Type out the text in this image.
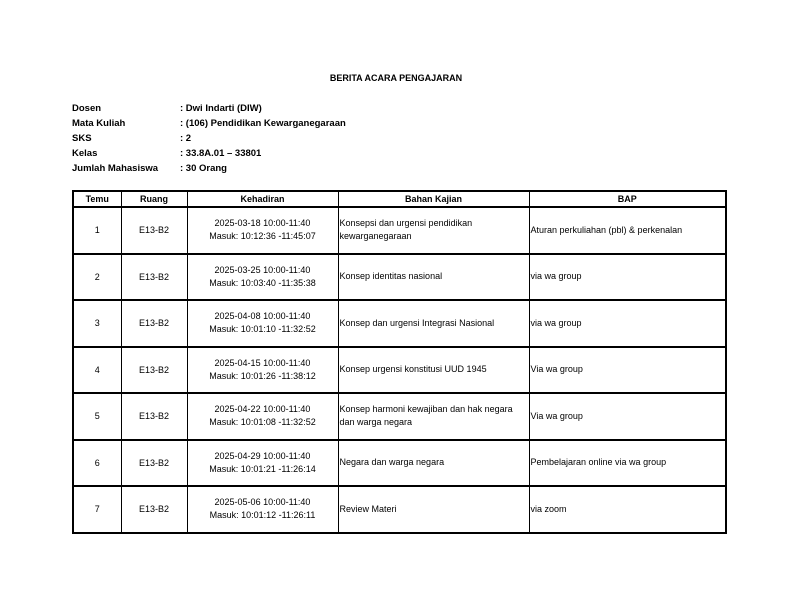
BERITA ACARA PENGAJARAN
Dosen	: Dwi Indarti (DIW)
Mata Kuliah	: (106) Pendidikan Kewarganegaraan
SKS	: 2
Kelas	: 33.8A.01 – 33801
Jumlah Mahasiswa : 30 Orang
Temu	Ruang	Kehadiran	Bahan Kajian	BAP
1	E13-B2	2025-03-18 10:00-11:40
Masuk: 10:12:36 -11:45:07	Konsepsi dan urgensi pendidikan kewarganegaraan	Aturan perkuliahan (pbl) & perkenalan
2	E13-B2	2025-03-25 10:00-11:40
Masuk: 10:03:40 -11:35:38	Konsep identitas nasional	via wa group
3	E13-B2	2025-04-08 10:00-11:40
Masuk: 10:01:10 -11:32:52	Konsep dan urgensi Integrasi Nasional	via wa group
4	E13-B2	2025-04-15 10:00-11:40
Masuk: 10:01:26 -11:38:12	Konsep urgensi konstitusi UUD 1945	Via wa group
5	E13-B2	2025-04-22 10:00-11:40
Masuk: 10:01:08 -11:32:52	Konsep harmoni kewajiban dan hak negara dan warga negara	Via wa group
6	E13-B2	2025-04-29 10:00-11:40
Masuk: 10:01:21 -11:26:14	Negara dan warga negara	Pembelajaran online via wa group
7	E13-B2	2025-05-06 10:00-11:40
Masuk: 10:01:12 -11:26:11	Review Materi	via zoom
